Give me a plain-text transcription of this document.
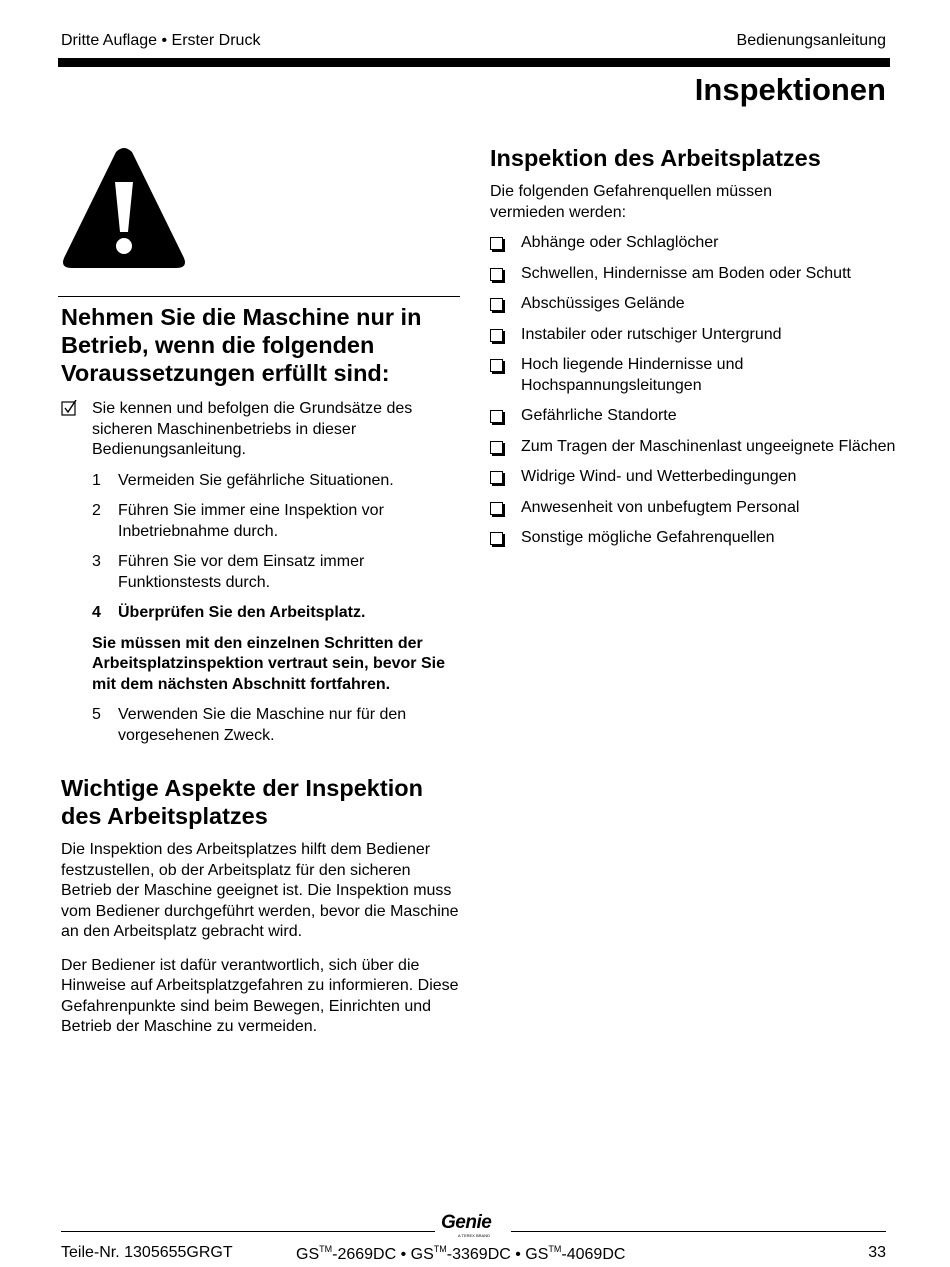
Dritte Auflage • Erster Druck	Bedienungsanleitung
Inspektionen
Nehmen Sie die Maschine nur in Betrieb, wenn die folgenden Voraussetzungen erfüllt sind:
Sie kennen und befolgen die Grundsätze des sicheren Maschinenbetriebs in dieser Bedienungsanleitung.
1 Vermeiden Sie gefährliche Situationen.
2 Führen Sie immer eine Inspektion vor Inbetriebnahme durch.
3 Führen Sie vor dem Einsatz immer Funktionstests durch.
4 Überprüfen Sie den Arbeitsplatz.
Sie müssen mit den einzelnen Schritten der Arbeitsplatzinspektion vertraut sein, bevor Sie mit dem nächsten Abschnitt fortfahren.
5 Verwenden Sie die Maschine nur für den vorgesehenen Zweck.
Wichtige Aspekte der Inspektion des Arbeitsplatzes

Die Inspektion des Arbeitsplatzes hilft dem Bediener festzustellen, ob der Arbeitsplatz für den sicheren Betrieb der Maschine geeignet ist. Die Inspektion muss vom Bediener durchgeführt werden, bevor die Maschine an den Arbeitsplatz gebracht wird.

Der Bediener ist dafür verantwortlich, sich über die Hinweise auf Arbeitsplatzgefahren zu informieren. Diese Gefahrenpunkte sind beim Bewegen, Einrichten und Betrieb der Maschine zu vermeiden.

Inspektion des Arbeitsplatzes

Die folgenden Gefahrenquellen müssen vermieden werden:

Abhänge oder Schlaglöcher
Schwellen, Hindernisse am Boden oder Schutt
Abschüssiges Gelände
Instabiler oder rutschiger Untergrund
Hoch liegende Hindernisse und Hochspannungsleitungen
Gefährliche Standorte
Zum Tragen der Maschinenlast ungeeignete Flächen
Widrige Wind- und Wetterbedingungen
Anwesenheit von unbefugtem Personal
Sonstige mögliche Gefahrenquellen
Genie
A TEREX BRAND
Teile-Nr. 1305655GRGT	GS™-2669DC • GS™-3369DC • GS™-4069DC	33
